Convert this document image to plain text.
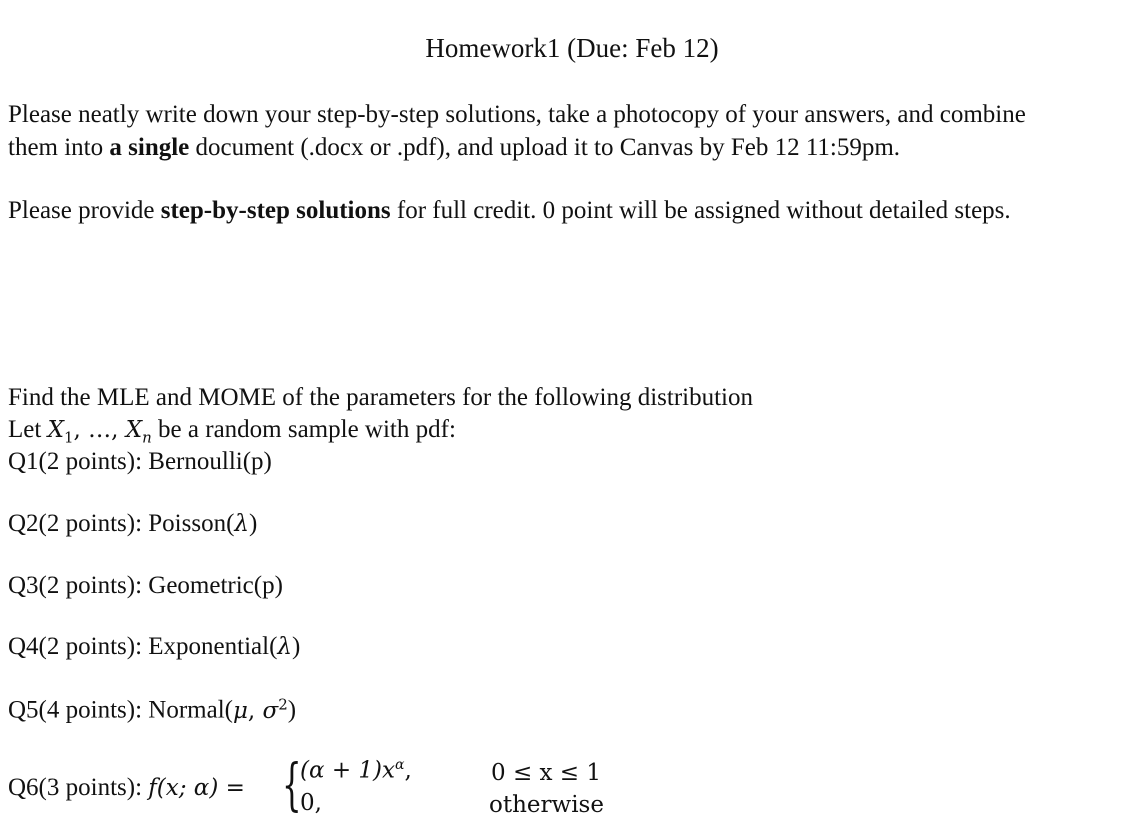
Homework1 (Due: Feb 12)
Please neatly write down your step-by-step solutions, take a photocopy of your answers, and combine
them into a single document (.docx or .pdf), and upload it to Canvas by Feb 12 11:59pm.
Please provide step-by-step solutions for full credit. 0 point will be assigned without detailed steps.
Find the MLE and MOME of the parameters for the following distribution
Let $X_1$, …, $X_n$ be a random sample with pdf:
Q1(2 points): Bernoulli(p)
Q2(2 points): Poisson(λ)
Q3(2 points): Geometric(p)
Q4(2 points): Exponential(λ)
Q5(4 points): Normal(μ, $\sigma^2$)
Q6(3 points): f(x; α) = {
$(\alpha + 1)x^\alpha$,	0 ≤ x ≤ 1
0,	otherwise
